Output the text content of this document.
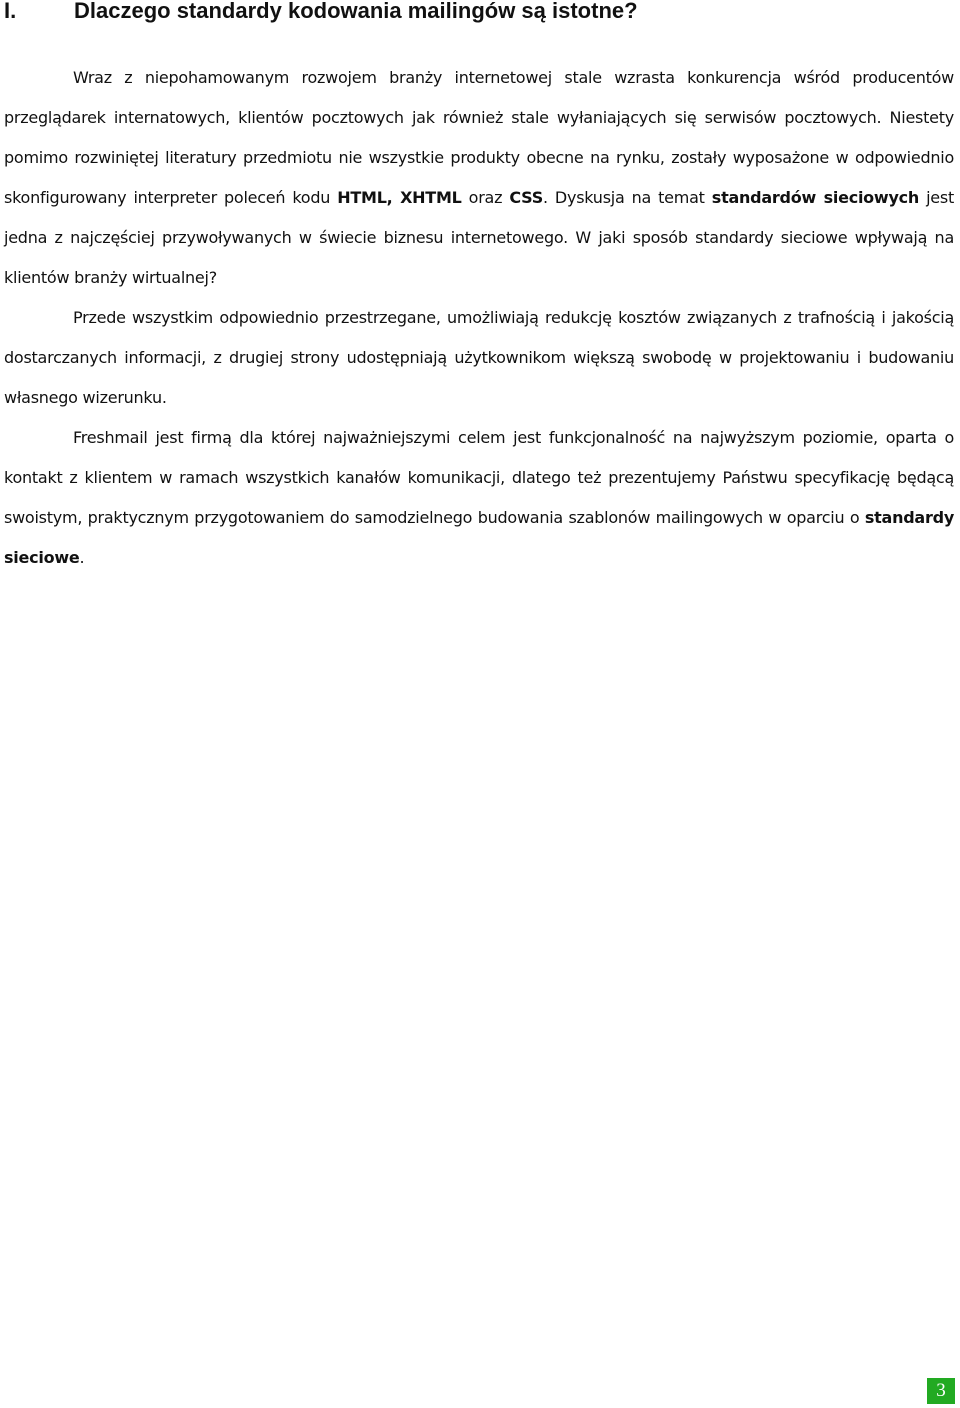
I.	Dlaczego standardy kodowania mailingów są istotne?

Wraz z niepohamowanym rozwojem branży internetowej stale wzrasta konkurencja wśród producentów przeglądarek internatowych, klientów pocztowych jak również stale wyłaniających się serwisów pocztowych. Niestety pomimo rozwiniętej literatury przedmiotu nie wszystkie produkty obecne na rynku, zostały wyposażone w odpowiednio skonfigurowany interpreter poleceń kodu HTML, XHTML oraz CSS. Dyskusja na temat standardów sieciowych jest jedna z najczęściej przywoływanych w świecie biznesu internetowego. W jaki sposób standardy sieciowe wpływają na klientów branży wirtualnej?

Przede wszystkim odpowiednio przestrzegane, umożliwiają redukcję kosztów związanych z trafnością i jakością dostarczanych informacji, z drugiej strony udostępniają użytkownikom większą swobodę w projektowaniu i budowaniu własnego wizerunku.

Freshmail jest firmą dla której najważniejszymi celem jest funkcjonalność na najwyższym poziomie, oparta o kontakt z klientem w ramach wszystkich kanałów komunikacji, dlatego też prezentujemy Państwu specyfikację będącą swoistym, praktycznym przygotowaniem do samodzielnego budowania szablonów mailingowych w oparciu o standardy sieciowe.

3
